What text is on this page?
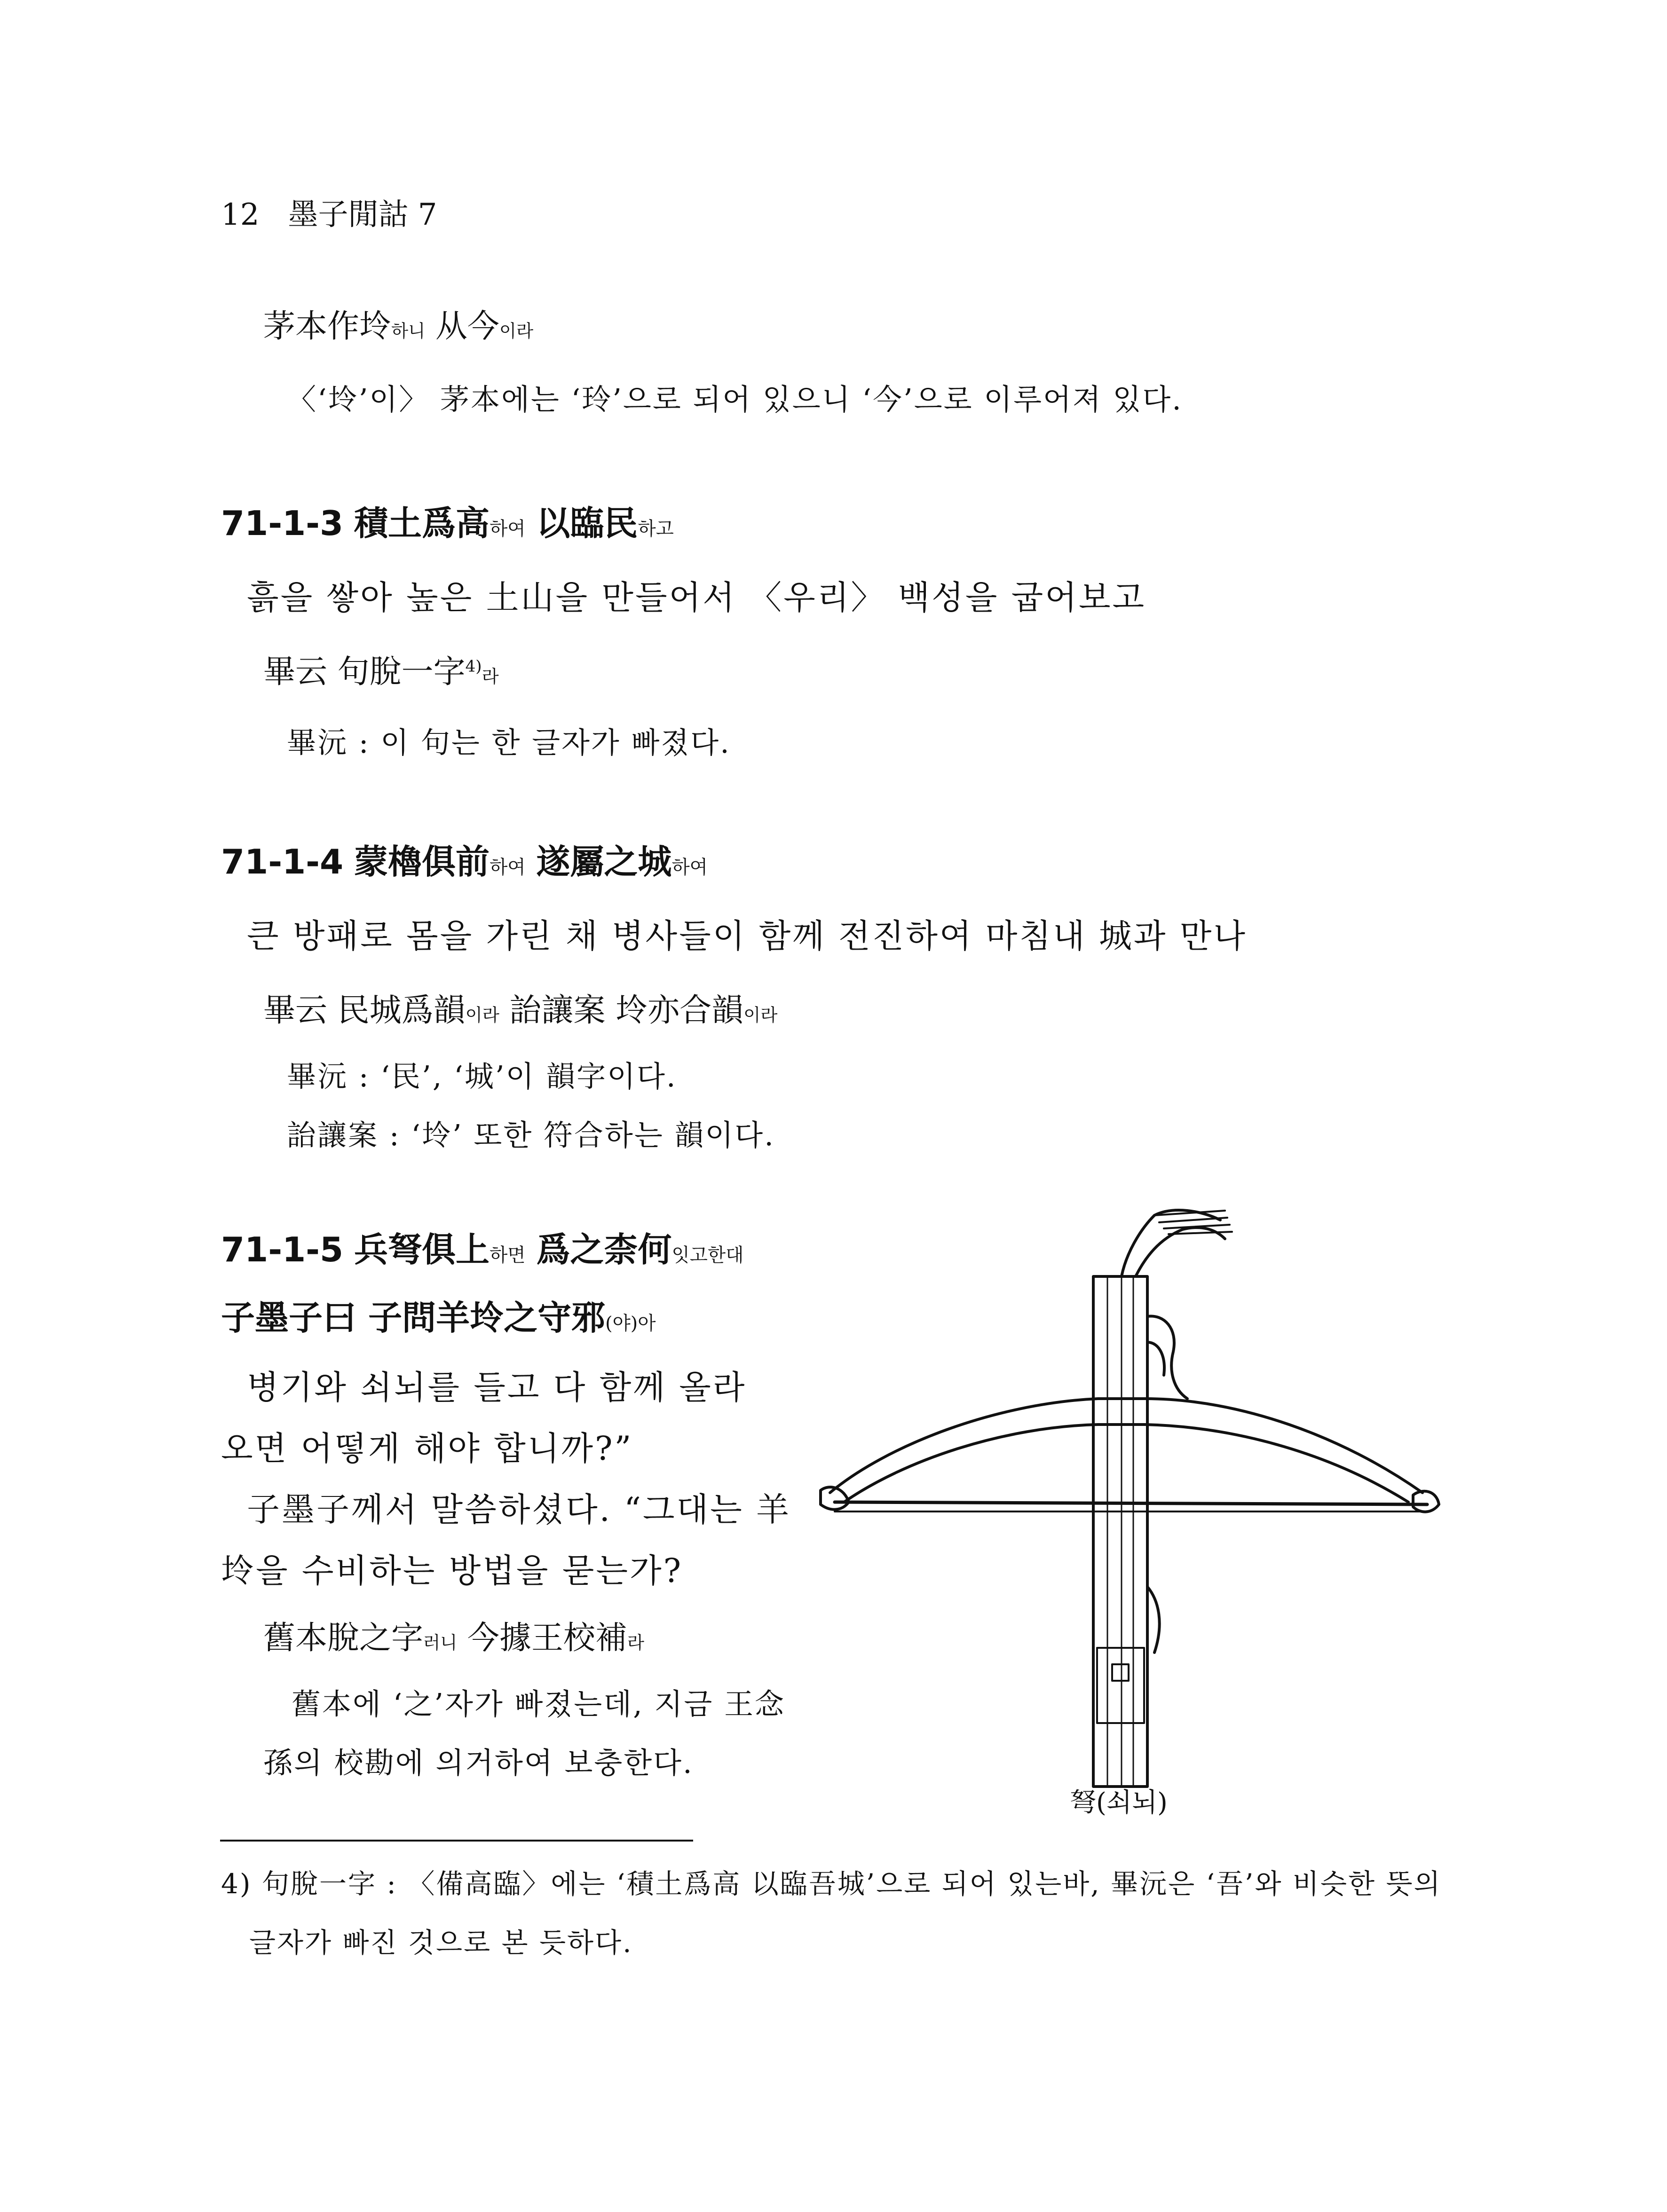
12 墨子閒詁 7
茅本作坽하니 从今이라
〈‘坽’이〉 茅本에는 ‘玲’으로 되어 있으니 ‘今’으로 이루어져 있다.
71-1-3 積土爲高하여 以臨民하고
흙을 쌓아 높은 土山을 만들어서 〈우리〉 백성을 굽어보고
畢云 句脫一字$^{4)}$라
畢沅 : 이 句는 한 글자가 빠졌다.
71-1-4 蒙櫓俱前하여 遂屬之城하여
큰 방패로 몸을 가린 채 병사들이 함께 전진하여 마침내 城과 만나
畢云 民城爲韻이라 詒讓案 坽亦合韻이라
畢沅 : ‘民’, ‘城’이 韻字이다.
詒讓案 : ‘坽’ 또한 符合하는 韻이다.
71-1-5 兵弩俱上하면 爲之柰何잇고한대
子墨子曰 子問羊坽之守邪(야)아
병기와 쇠뇌를 들고 다 함께 올라
오면 어떻게 해야 합니까?”
子墨子께서 말씀하셨다. “그대는 羊
坽을 수비하는 방법을 묻는가?
舊本脫之字러니 今據王校補라
舊本에 ‘之’자가 빠졌는데, 지금 王念
孫의 校勘에 의거하여 보충한다.
弩(쇠뇌)
4) 句脫一字 : 〈備高臨〉에는 ‘積土爲高 以臨吾城’으로 되어 있는바, 畢沅은 ‘吾’와 비슷한 뜻의
글자가 빠진 것으로 본 듯하다.
